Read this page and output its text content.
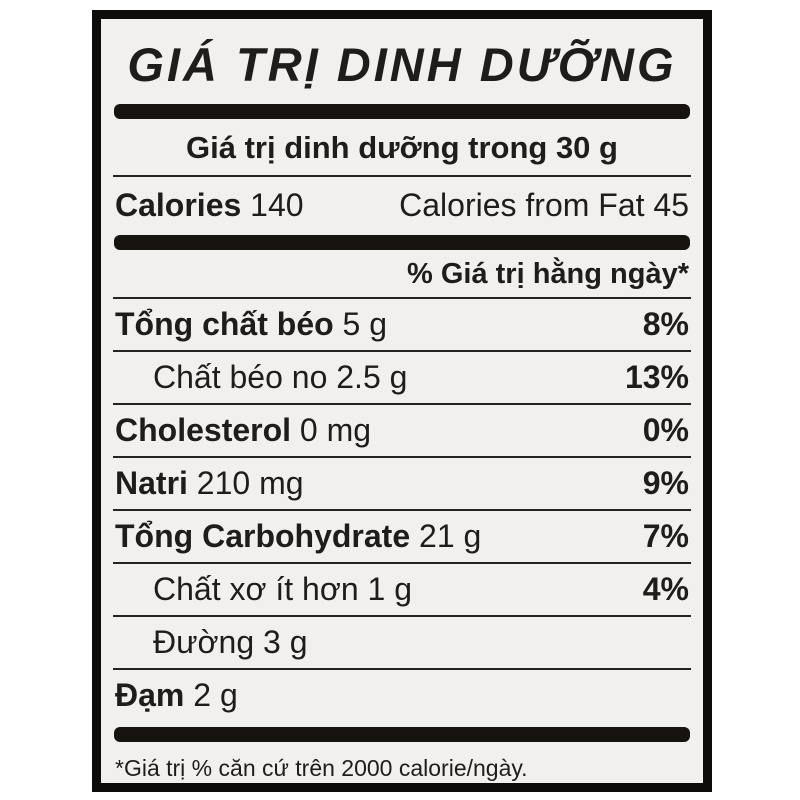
GIÁ TRỊ DINH DƯỠNG
Giá trị dinh dưỡng trong 30 g
Calories 140	Calories from Fat 45
% Giá trị hằng ngày*
Tổng chất béo 5 g	8%
Chất béo no 2.5 g	13%
Cholesterol 0 mg	0%
Natri 210 mg	9%
Tổng Carbohydrate 21 g	7%
Chất xơ ít hơn 1 g	4%
Đường 3 g
Đạm 2 g
*Giá trị % căn cứ trên 2000 calorie/ngày.
